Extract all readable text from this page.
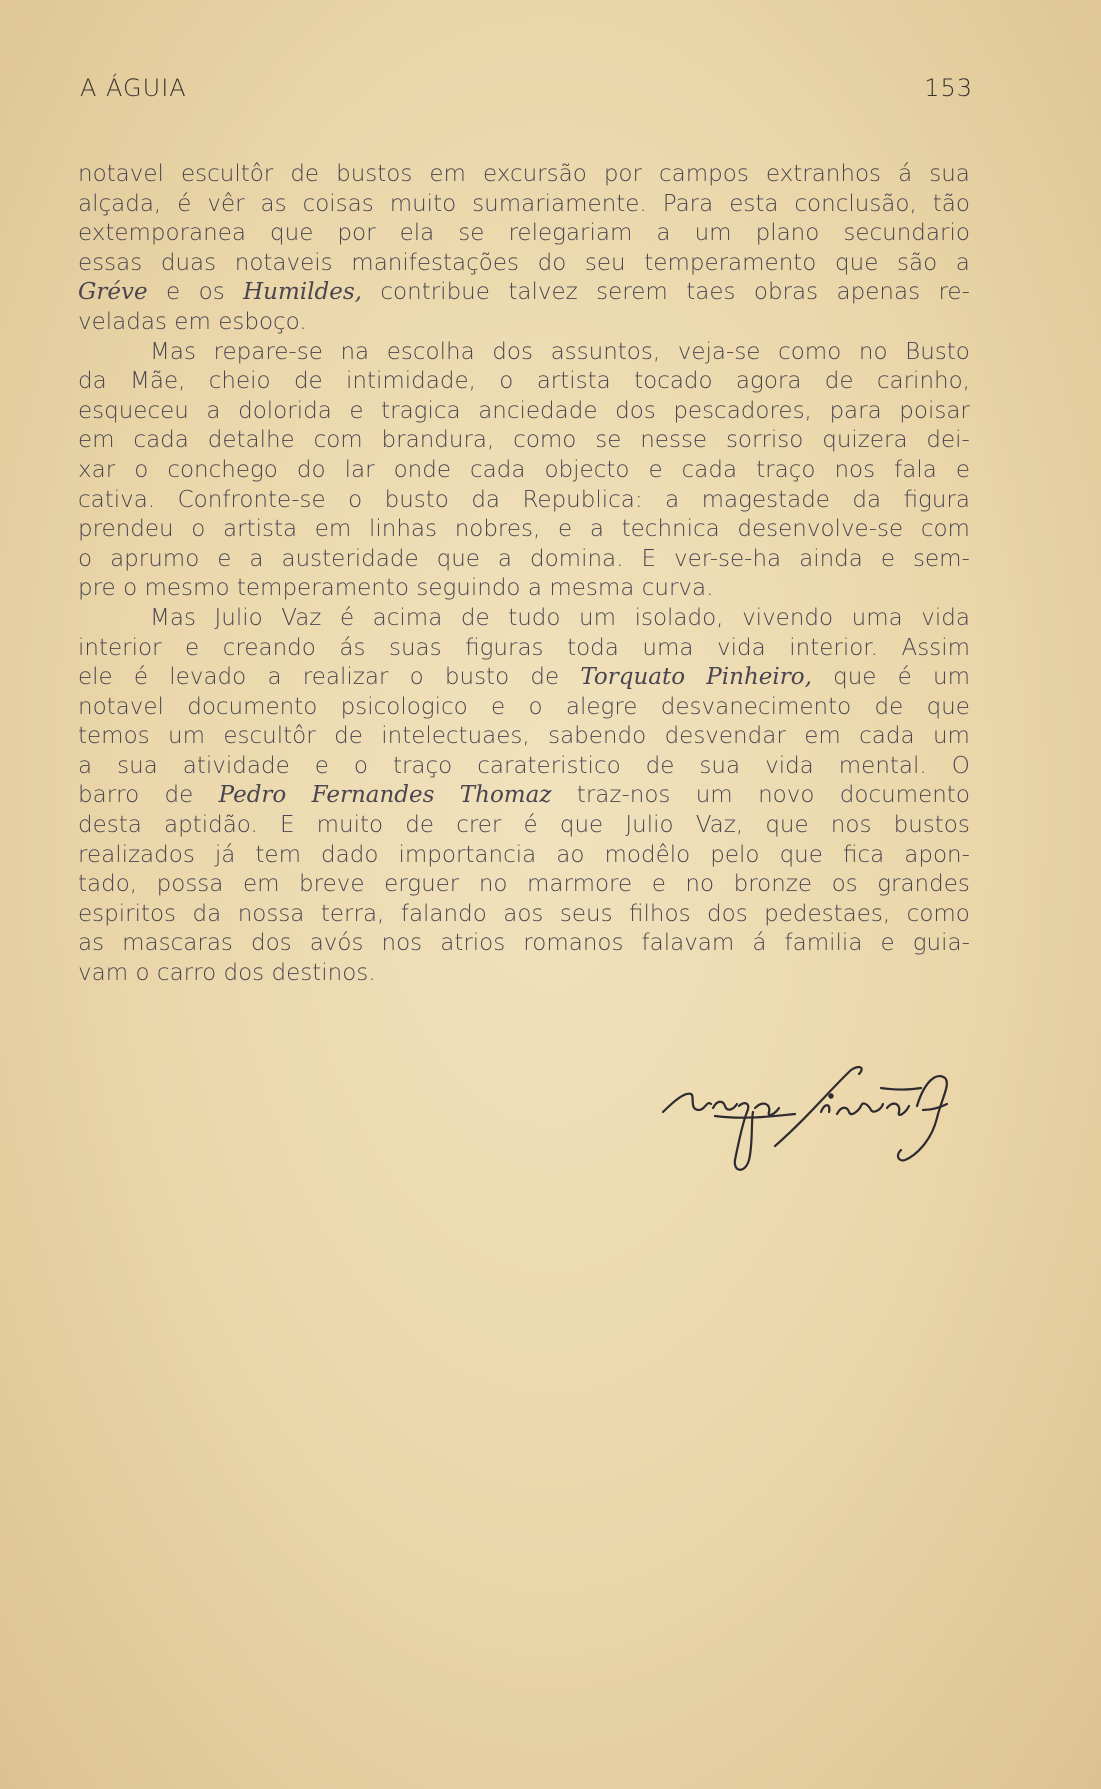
A ÁGUIA	153
notavel escultôr de bustos em excursão por campos extranhos á sua
alçada, é vêr as coisas muito sumariamente. Para esta conclusão, tão
extemporanea que por ela se relegariam a um plano secundario
essas duas notaveis manifestações do seu temperamento que são a
Gréve e os Humildes, contribue talvez serem taes obras apenas re-
veladas em esboço.
Mas repare-se na escolha dos assuntos, veja-se como no Busto
da Mãe, cheio de intimidade, o artista tocado agora de carinho,
esqueceu a dolorida e tragica anciedade dos pescadores, para poisar
em cada detalhe com brandura, como se nesse sorriso quizera dei-
xar o conchego do lar onde cada objecto e cada traço nos fala e
cativa. Confronte-se o busto da Republica: a magestade da figura
prendeu o artista em linhas nobres, e a technica desenvolve-se com
o aprumo e a austeridade que a domina. E ver-se-ha ainda e sem-
pre o mesmo temperamento seguindo a mesma curva.
Mas Julio Vaz é acima de tudo um isolado, vivendo uma vida
interior e creando ás suas figuras toda uma vida interior. Assim
ele é levado a realizar o busto de Torquato Pinheiro, que é um
notavel documento psicologico e o alegre desvanecimento de que
temos um escultôr de intelectuaes, sabendo desvendar em cada um
a sua atividade e o traço carateristico de sua vida mental. O
barro de Pedro Fernandes Thomaz traz-nos um novo documento
desta aptidão. E muito de crer é que Julio Vaz, que nos bustos
realizados já tem dado importancia ao modêlo pelo que fica apon-
tado, possa em breve erguer no marmore e no bronze os grandes
espiritos da nossa terra, falando aos seus filhos dos pedestaes, como
as mascaras dos avós nos atrios romanos falavam á familia e guia-
vam o carro dos destinos.
